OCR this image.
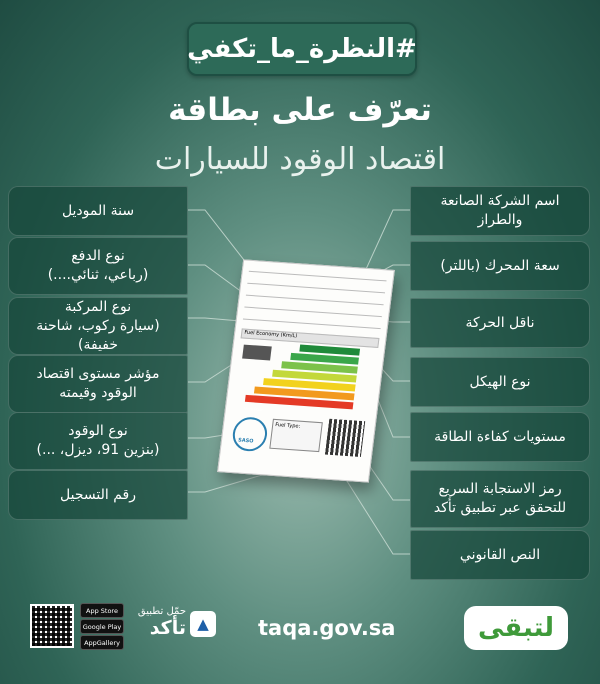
#النظرة_ما_تكفي
تعرّف على بطاقة
اقتصاد الوقود للسيارات
سنة الموديل
نوع الدفع
(رباعي، ثنائي....)
نوع المركبة
(سيارة ركوب، شاحنة خفيفة)
مؤشر مستوى اقتصاد
الوقود وقيمته
نوع الوقود
(بنزين 91، ديزل، ...)
رقم التسجيل
اسم الشركة الصانعة والطراز
سعة المحرك (باللتر)
ناقل الحركة
نوع الهيكل
مستويات كفاءة الطاقة
رمز الاستجابة السريع
للتحقق عبر تطبيق تأكد
النص القانوني
Fuel Economy (Km/L)
Very Poor
SASO
Fuel Type:
App Store
Google Play
AppGallery
حمّل تطبيق
تأكد ▲	taqa.gov.sa	لتبقى
